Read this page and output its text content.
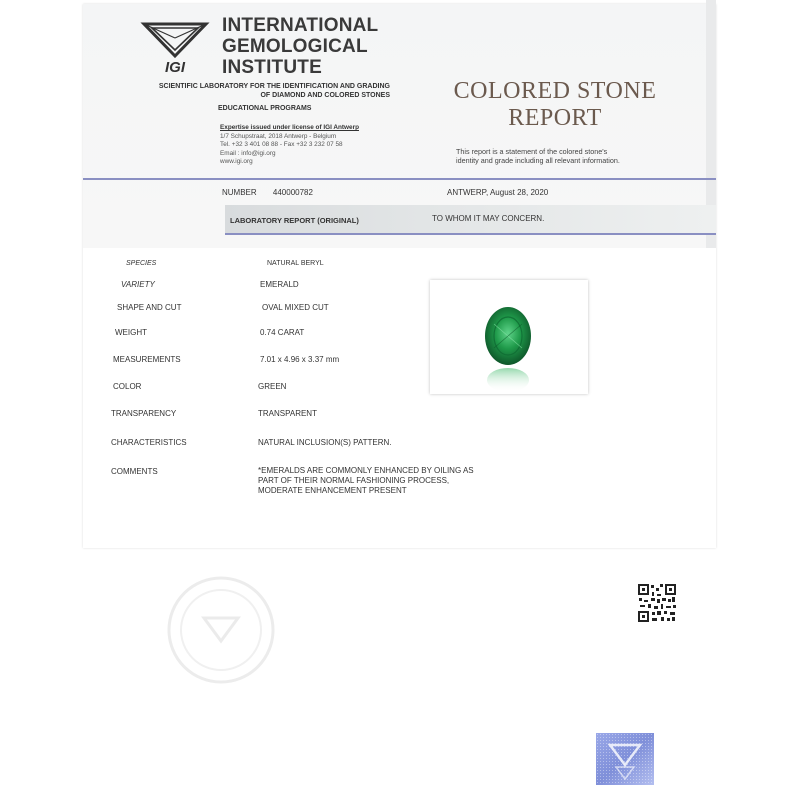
IGI
INTERNATIONAL
GEMOLOGICAL
INSTITUTE
SCIENTIFIC LABORATORY FOR THE IDENTIFICATION AND GRADING
OF DIAMOND AND COLORED STONES
EDUCATIONAL PROGRAMS
Expertise issued under license of IGI Antwerp
1/7 Schupstraat, 2018 Antwerp - Belgium
Tel. +32 3 401 08 88 - Fax +32 3 232 07 58
Email : info@igi.org
www.igi.org
COLORED STONE
REPORT
This report is a statement of the colored stone's
identity and grade including all relevant information.
NUMBER 440000782	ANTWERP, August 28, 2020
LABORATORY REPORT (ORIGINAL)	TO WHOM IT MAY CONCERN.
SPECIES	NATURAL BERYL
VARIETY	EMERALD
SHAPE AND CUT	OVAL MIXED CUT
WEIGHT	0.74 CARAT
MEASUREMENTS	7.01 x 4.96 x 3.37 mm
COLOR	GREEN
TRANSPARENCY	TRANSPARENT
CHARACTERISTICS	NATURAL INCLUSION(S) PATTERN.
COMMENTS	*EMERALDS ARE COMMONLY ENHANCED BY OILING AS
PART OF THEIR NORMAL FASHIONING PROCESS,
MODERATE ENHANCEMENT PRESENT
